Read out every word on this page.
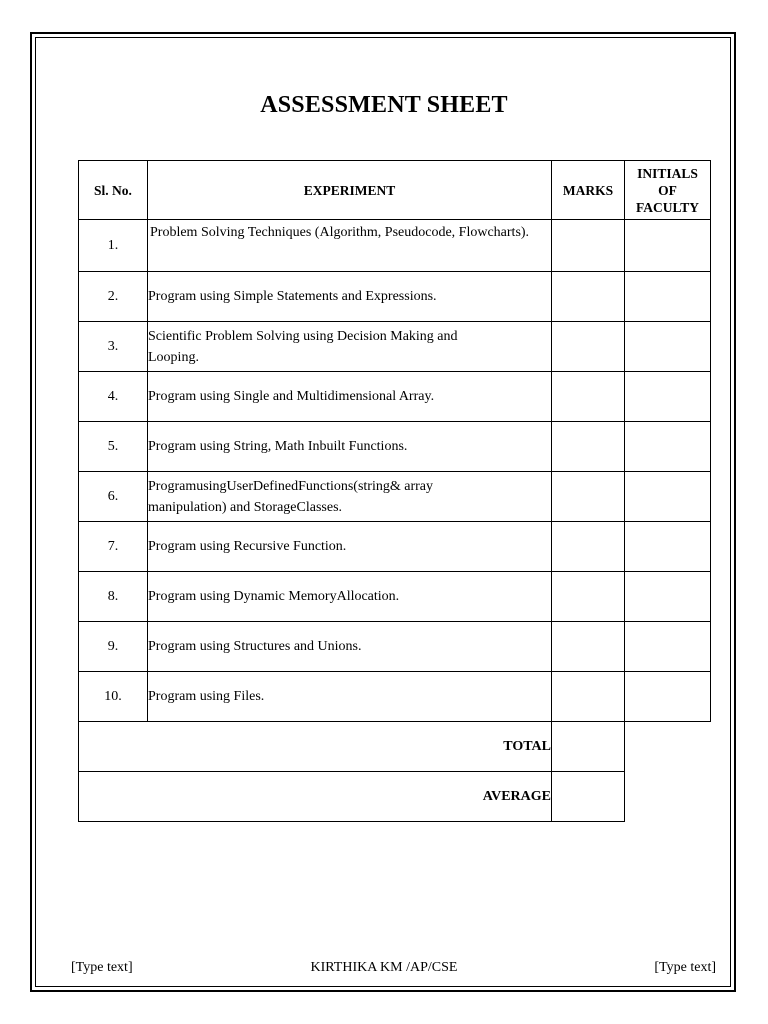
ASSESSMENT SHEET
Sl. No.	EXPERIMENT	MARKS	INITIALS
OF
FACULTY

1.	Problem Solving Techniques (Algorithm, Pseudocode, Flowcharts).		
2.	Program using Simple Statements and Expressions.		
3.	Scientific Problem Solving using Decision Making and
Looping.		

4.	Program using Single and Multidimensional Array.		
5.	Program using String, Math Inbuilt Functions.		
6.	ProgramusingUserDefinedFunctions(string& array
manipulation) and StorageClasses.		

7.	Program using Recursive Function.		
8.	Program using Dynamic MemoryAllocation.		
9.	Program using Structures and Unions.		
10.	Program using Files.		
TOTAL			
AVERAGE			
[Type text]	KIRTHIKA KM /AP/CSE	[Type text]
